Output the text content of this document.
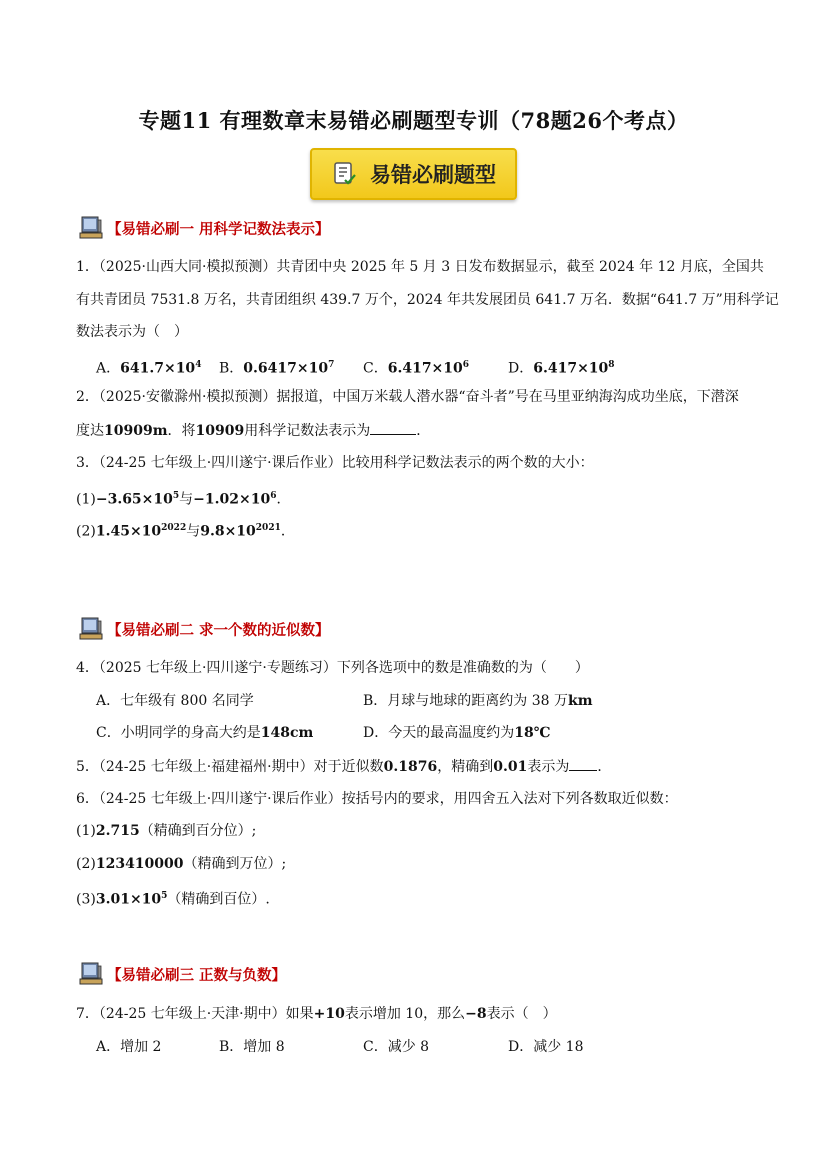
专题11 有理数章末易错必刷题型专训（78题26个考点）
易错必刷题型
【易错必刷一 用科学记数法表示】
1．（2025·山西大同·模拟预测）共青团中央 2025 年 5 月 3 日发布数据显示，截至 2024 年 12 月底，全国共
有共青团员 7531.8 万名，共青团组织 439.7 万个，2024 年共发展团员 641.7 万名．数据“641.7 万”用科学记
数法表示为（　）
A．$641.7\times 10^4$ B．$0.6417\times 10^7$ C．$6.417\times 10^6$	D．$6.417\times 10^8$
2．（2025·安徽滁州·模拟预测）据报道，中国万米载人潜水器“奋斗者”号在马里亚纳海沟成功坐底，下潜深
度达10909m．将10909用科学记数法表示为	．
3．（24-25 七年级上·四川遂宁·课后作业）比较用科学记数法表示的两个数的大小：
$(1)-3.65\times 10^5$与$-1.02\times 10^6$．
$(2)1.45\times 10^{2022}$与$9.8\times 10^{2021}$．
【易错必刷二 求一个数的近似数】
4．（2025 七年级上·四川遂宁·专题练习）下列各选项中的数是准确数的为（　　）
A．七年级有 800 名同学	B．月球与地球的距离约为 38 万km
C．小明同学的身高大约是148cm	D．今天的最高温度约为18℃
5．（24-25 七年级上·福建福州·期中）对于近似数0.1876，精确到0.01表示为 ．
6．（24-25 七年级上·四川遂宁·课后作业）按括号内的要求，用四舍五入法对下列各数取近似数：
(1)2.715（精确到百分位）;
(2)123410000（精确到万位）;
$(3)3.01\times 10^5$（精确到百位）.
【易错必刷三 正数与负数】
7．（24-25 七年级上·天津·期中）如果+10表示增加 10，那么−8表示（　）
A．增加 2	B．增加 8	C．减少 8	D．减少 18
